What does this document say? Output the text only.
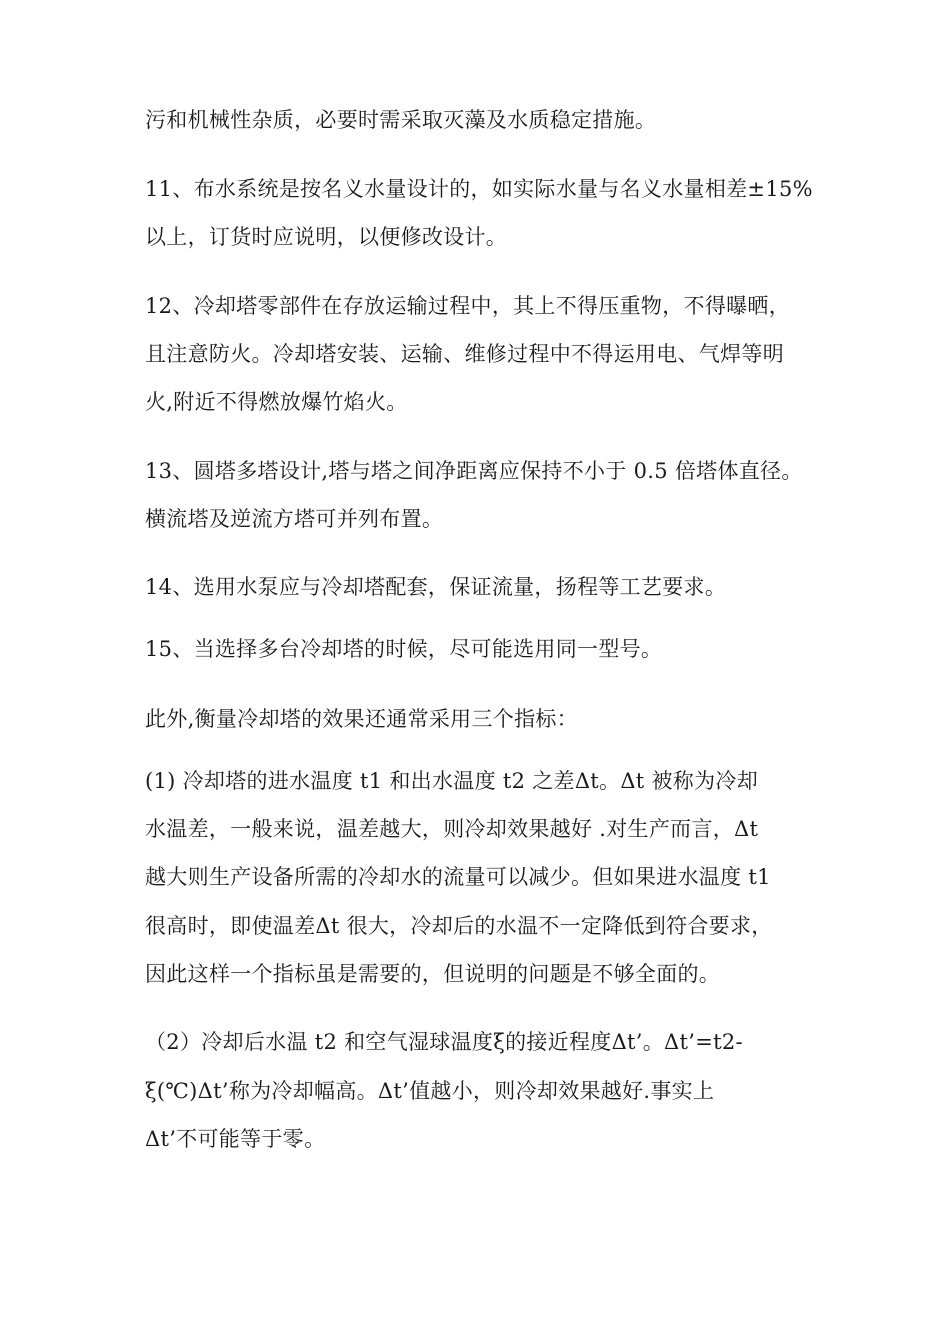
污和机械性杂质，必要时需采取灭藻及水质稳定措施。
11、布水系统是按名义水量设计的，如实际水量与名义水量相差±15%
以上，订货时应说明，以便修改设计。
12、冷却塔零部件在存放运输过程中，其上不得压重物，不得曝晒，
且注意防火。冷却塔安装、运输、维修过程中不得运用电、气焊等明
火,附近不得燃放爆竹焰火。
13、圆塔多塔设计,塔与塔之间净距离应保持不小于 0.5 倍塔体直径。
横流塔及逆流方塔可并列布置。
14、选用水泵应与冷却塔配套，保证流量，扬程等工艺要求。
15、当选择多台冷却塔的时候，尽可能选用同一型号。
此外,衡量冷却塔的效果还通常采用三个指标：
(1) 冷却塔的进水温度 t1 和出水温度 t2 之差Δt。Δt 被称为冷却
水温差，一般来说，温差越大，则冷却效果越好 .对生产而言，Δt
越大则生产设备所需的冷却水的流量可以减少。但如果进水温度 t1
很高时，即使温差Δt 很大，冷却后的水温不一定降低到符合要求，
因此这样一个指标虽是需要的，但说明的问题是不够全面的。
（2）冷却后水温 t2 和空气湿球温度ξ的接近程度Δt’。Δt’=t2-
ξ(℃)Δt’称为冷却幅高。Δt’值越小，则冷却效果越好.事实上
Δt’不可能等于零。
